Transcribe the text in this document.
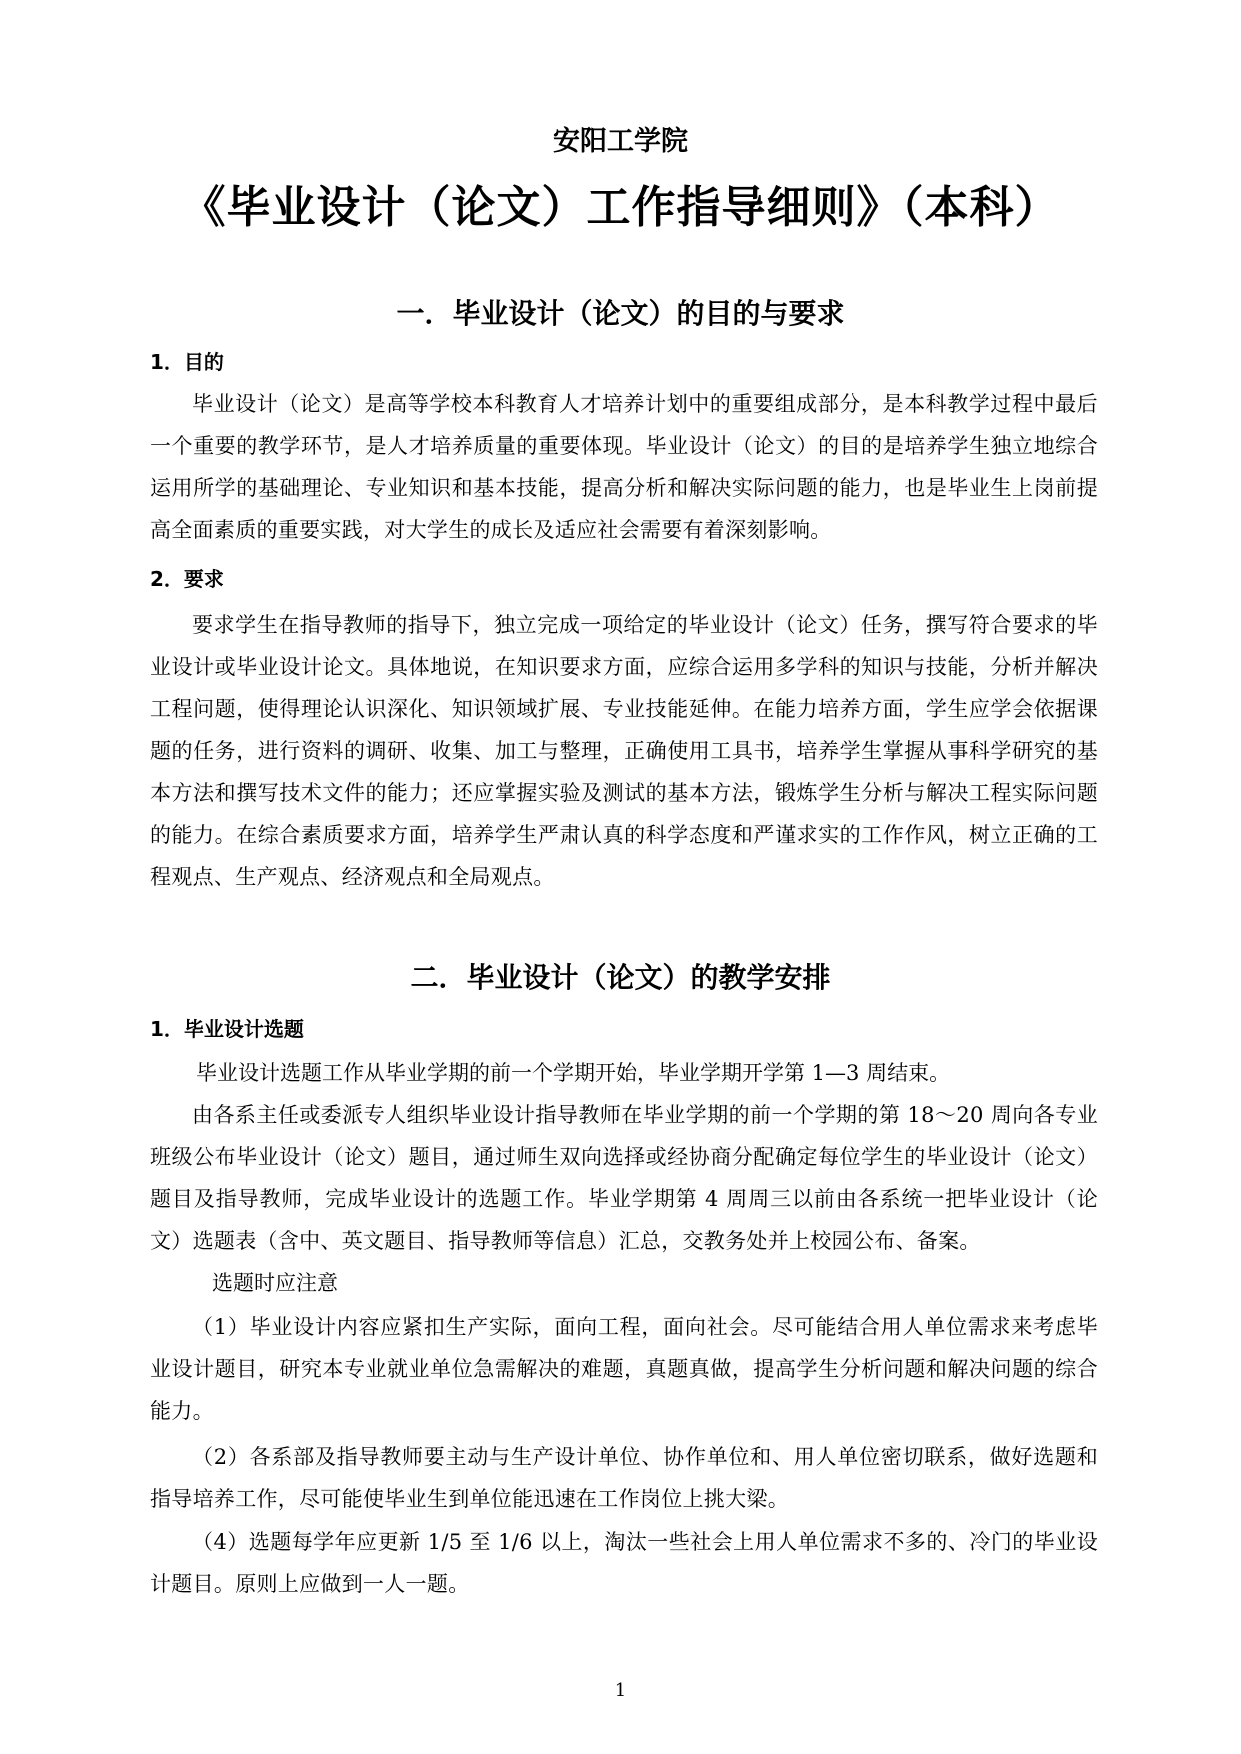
安阳工学院
《毕业设计（论文）工作指导细则》（本科）
一．毕业设计（论文）的目的与要求
1．目的

毕业设计（论文）是高等学校本科教育人才培养计划中的重要组成部分，是本科教学过程中最后一个重要的教学环节，是人才培养质量的重要体现。毕业设计（论文）的目的是培养学生独立地综合运用所学的基础理论、专业知识和基本技能，提高分析和解决实际问题的能力，也是毕业生上岗前提高全面素质的重要实践，对大学生的成长及适应社会需要有着深刻影响。

2．要求

要求学生在指导教师的指导下，独立完成一项给定的毕业设计（论文）任务，撰写符合要求的毕业设计或毕业设计论文。具体地说，在知识要求方面，应综合运用多学科的知识与技能，分析并解决工程问题，使得理论认识深化、知识领域扩展、专业技能延伸。在能力培养方面，学生应学会依据课题的任务，进行资料的调研、收集、加工与整理，正确使用工具书，培养学生掌握从事科学研究的基本方法和撰写技术文件的能力；还应掌握实验及测试的基本方法，锻炼学生分析与解决工程实际问题的能力。在综合素质要求方面，培养学生严肃认真的科学态度和严谨求实的工作作风，树立正确的工程观点、生产观点、经济观点和全局观点。

二．毕业设计（论文）的教学安排
1．毕业设计选题

毕业设计选题工作从毕业学期的前一个学期开始，毕业学期开学第 1—3 周结束。

由各系主任或委派专人组织毕业设计指导教师在毕业学期的前一个学期的第 18～20 周向各专业班级公布毕业设计（论文）题目，通过师生双向选择或经协商分配确定每位学生的毕业设计（论文）题目及指导教师，完成毕业设计的选题工作。毕业学期第 4 周周三以前由各系统一把毕业设计（论文）选题表（含中、英文题目、指导教师等信息）汇总，交教务处并上校园公布、备案。

选题时应注意

（1）毕业设计内容应紧扣生产实际，面向工程，面向社会。尽可能结合用人单位需求来考虑毕业设计题目，研究本专业就业单位急需解决的难题，真题真做，提高学生分析问题和解决问题的综合能力。

（2）各系部及指导教师要主动与生产设计单位、协作单位和、用人单位密切联系，做好选题和指导培养工作，尽可能使毕业生到单位能迅速在工作岗位上挑大梁。

（4）选题每学年应更新 1/5 至 1/6 以上，淘汰一些社会上用人单位需求不多的、冷门的毕业设计题目。原则上应做到一人一题。

1
